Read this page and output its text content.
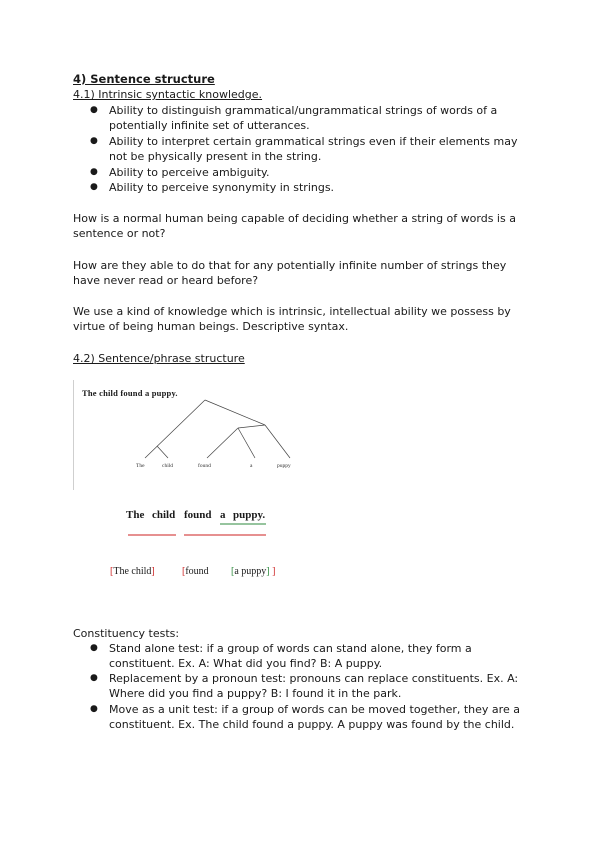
4) Sentence structure
4.1) Intrinsic syntactic knowledge.
● Ability to distinguish grammatical/ungrammatical strings of words of a
potentially infinite set of utterances.
● Ability to interpret certain grammatical strings even if their elements may
not be physically present in the string.
● Ability to perceive ambiguity.
● Ability to perceive synonymity in strings.
How is a normal human being capable of deciding whether a string of words is a
sentence or not?
How are they able to do that for any potentially infinite number of strings they
have never read or heard before?
We use a kind of knowledge which is intrinsic, intellectual ability we possess by
virtue of being human beings. Descriptive syntax.
4.2) Sentence/phrase structure
The child found a puppy.
The	child	found	a	puppy
The child found a puppy.
[The child]	[found [a puppy] ]
Constituency tests:
● Stand alone test: if a group of words can stand alone, they form a
constituent. Ex. A: What did you find? B: A puppy.
● Replacement by a pronoun test: pronouns can replace constituents. Ex. A:
Where did you find a puppy? B: I found it in the park.
● Move as a unit test: if a group of words can be moved together, they are a
constituent. Ex. The child found a puppy. A puppy was found by the child.
